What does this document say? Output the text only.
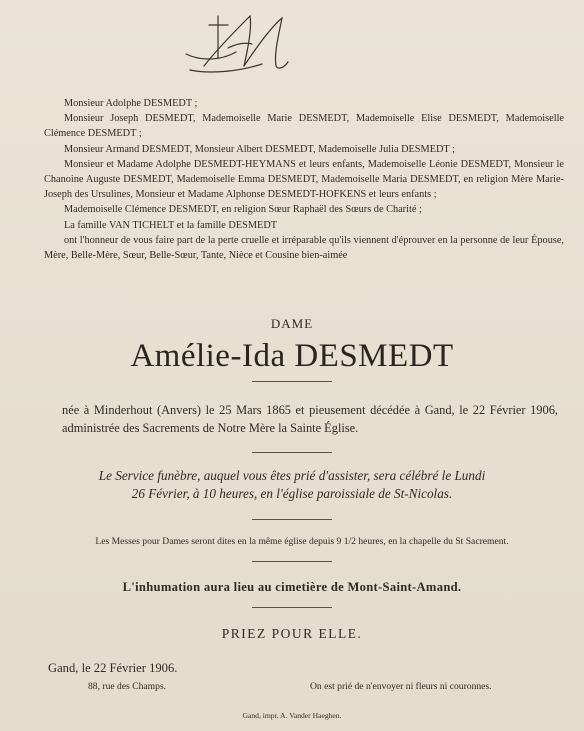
Monsieur Adolphe DESMEDT ;

Monsieur Joseph DESMEDT, Mademoiselle Marie DESMEDT, Mademoiselle Elise DESMEDT, Mademoiselle Clémence DESMEDT ;

Monsieur Armand DESMEDT, Monsieur Albert DESMEDT, Mademoiselle Julia DESMEDT ;

Monsieur et Madame Adolphe DESMEDT-HEYMANS et leurs enfants, Mademoiselle Léonie DESMEDT, Monsieur le Chanoine Auguste DESMEDT, Mademoiselle Emma DESMEDT, Mademoiselle Maria DESMEDT, en religion Mère Marie-Joseph des Ursulines, Monsieur et Madame Alphonse DESMEDT-HOFKENS et leurs enfants ;

Mademoiselle Clémence DESMEDT, en religion Sœur Raphaël des Sœurs de Charité ;

La famille VAN TICHELT et la famille DESMEDT

ont l'honneur de vous faire part de la perte cruelle et irréparable qu'ils viennent d'éprouver en la personne de leur Épouse, Mère, Belle-Mère, Sœur, Belle-Sœur, Tante, Nièce et Cousine bien-aimée

DAME
Amélie-Ida DESMEDT
née à Minderhout (Anvers) le 25 Mars 1865 et pieusement décédée à Gand, le 22 Février 1906, administrée des Sacrements de Notre Mère la Sainte Église.
Le Service funèbre, auquel vous êtes prié d'assister, sera célébré le Lundi
26 Février, à 10 heures, en l'église paroissiale de St-Nicolas.
Les Messes pour Dames seront dites en la même église depuis 9 1/2 heures, en la chapelle du St Sacrement.
L'inhumation aura lieu au cimetière de Mont-Saint-Amand.
PRIEZ POUR ELLE.
Gand, le 22 Février 1906.
88, rue des Champs.	On est prié de n'envoyer ni fleurs ni couronnes.
Gand, impr. A. Vander Haeghen.
